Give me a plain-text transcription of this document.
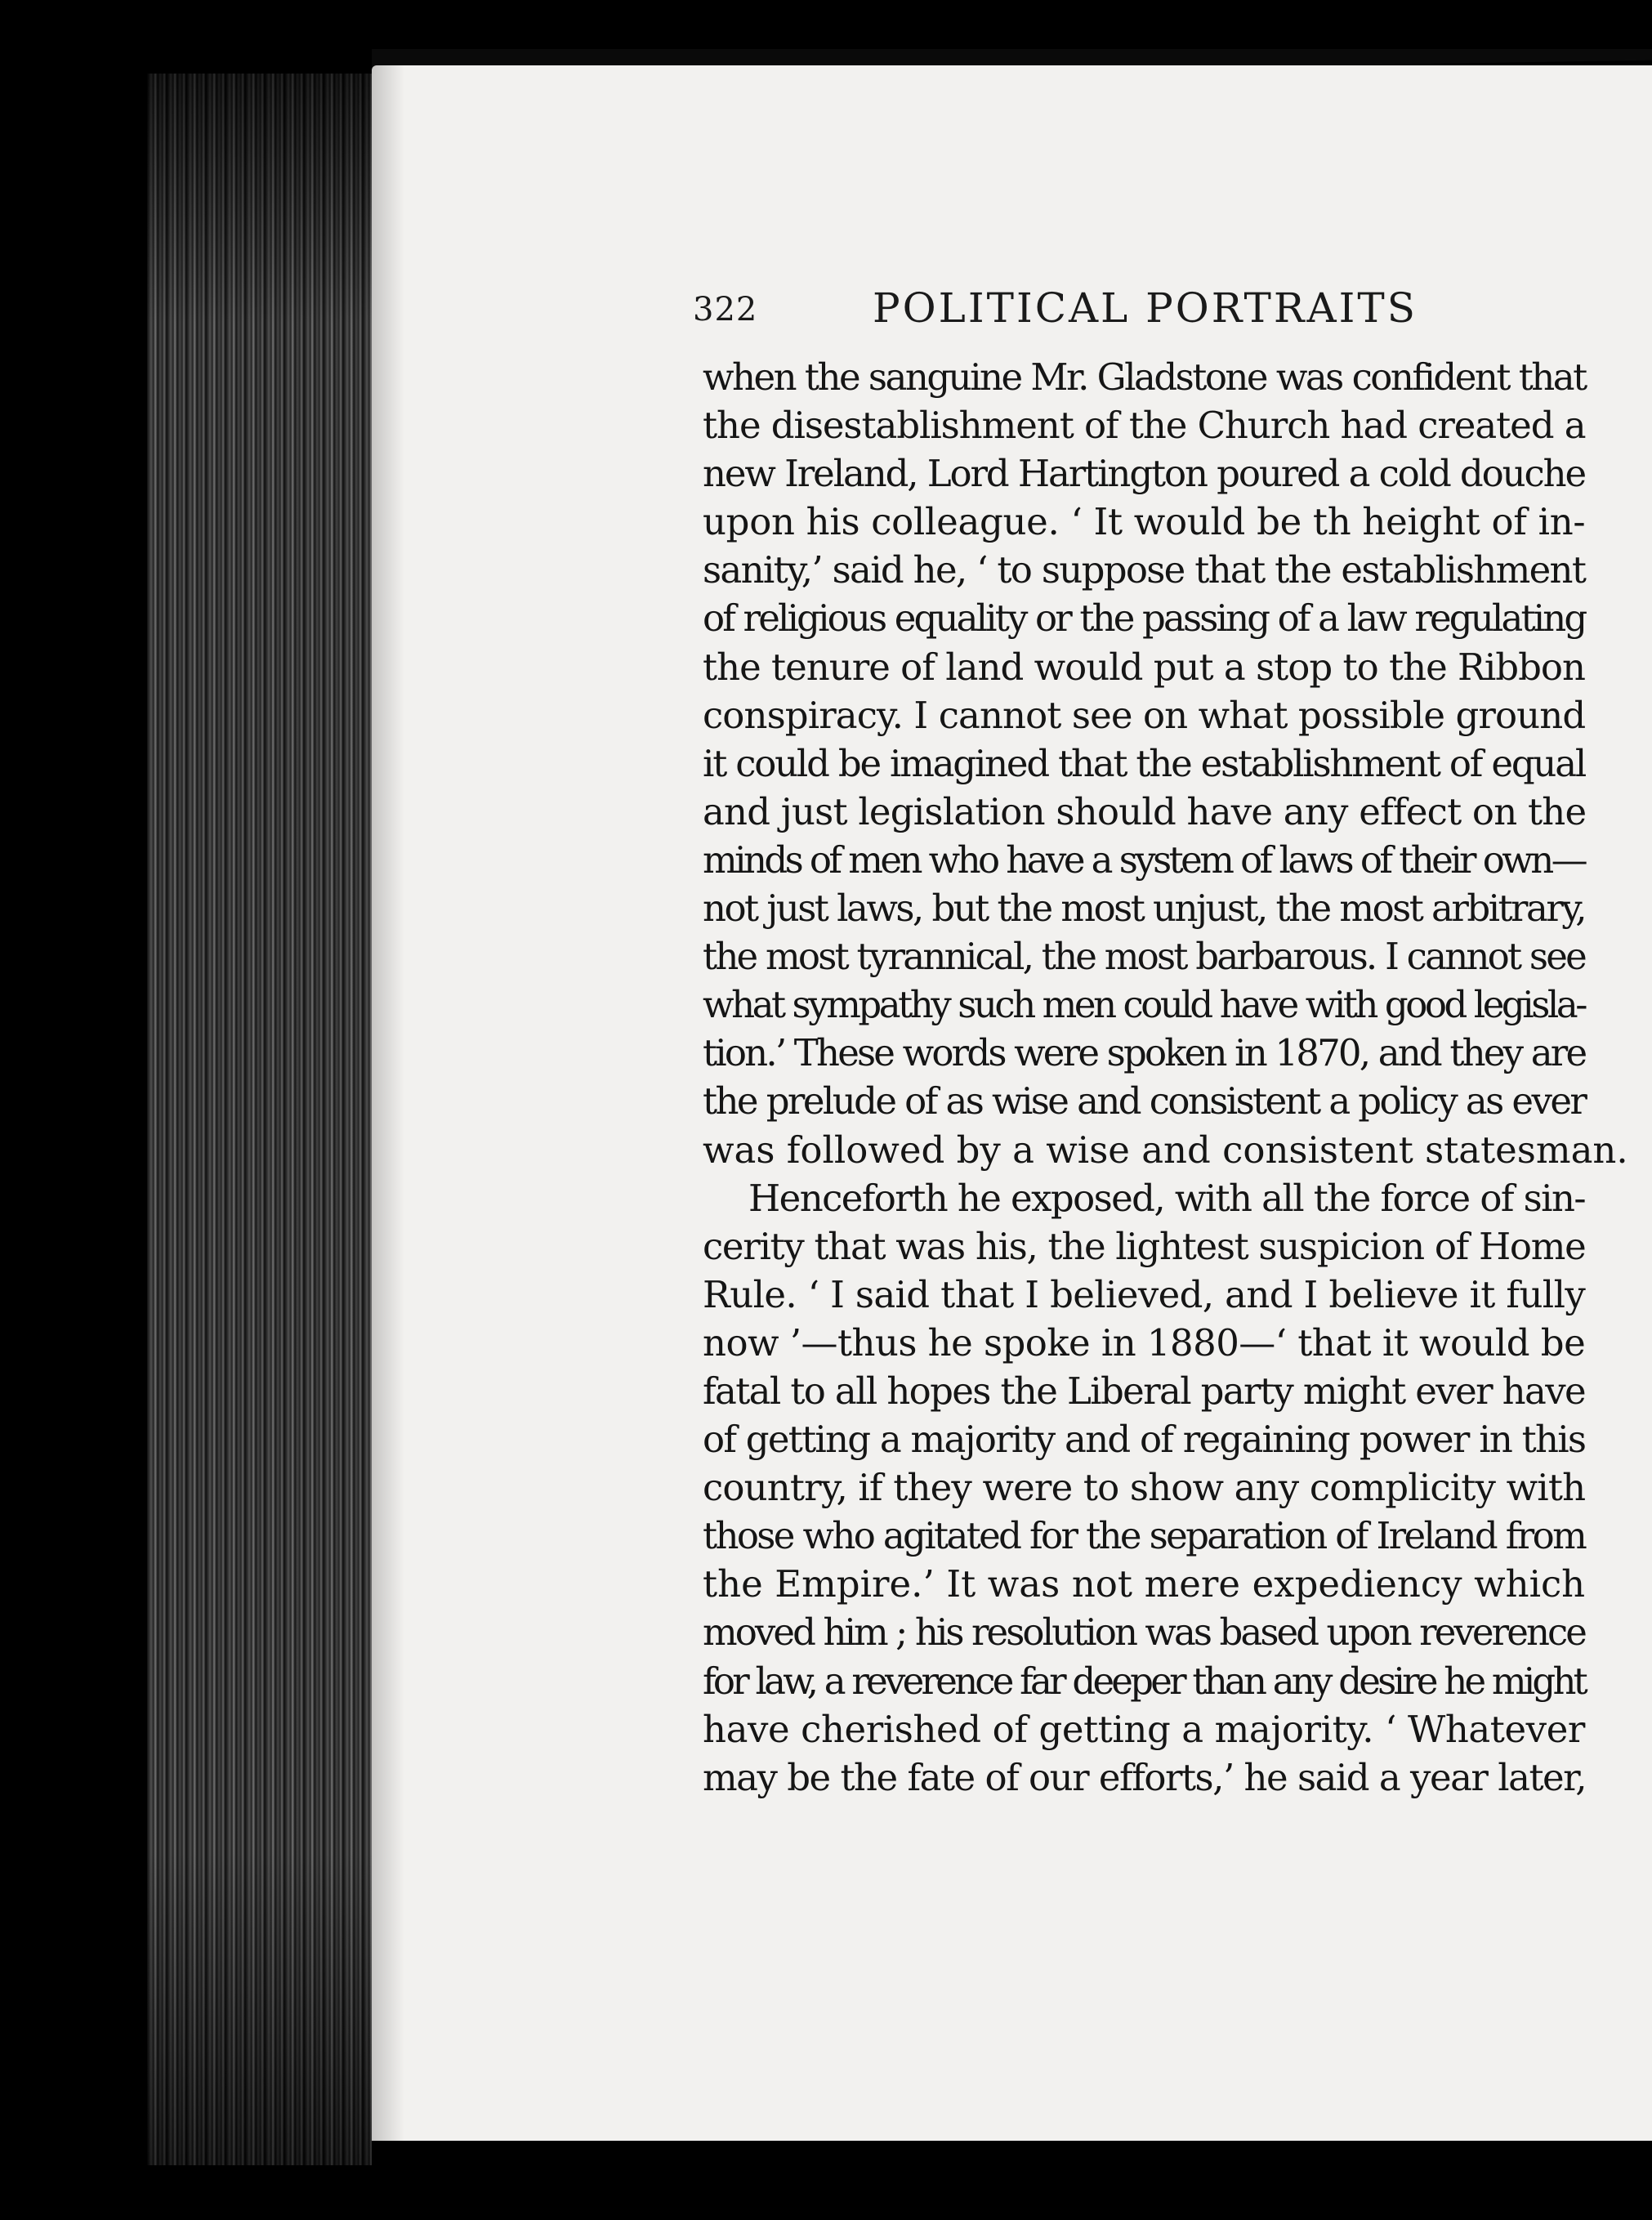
322	POLITICAL PORTRAITS
when the sanguine Mr. Gladstone was confident that
the disestablishment of the Church had created a
new Ireland, Lord Hartington poured a cold douche
upon his colleague. ‘ It would be th height of in-
sanity,’ said he, ‘ to suppose that the establishment
of religious equality or the passing of a law regulating
the tenure of land would put a stop to the Ribbon
conspiracy. I cannot see on what possible ground
it could be imagined that the establishment of equal
and just legislation should have any effect on the
minds of men who have a system of laws of their own—
not just laws, but the most unjust, the most arbitrary,
the most tyrannical, the most barbarous. I cannot see
what sympathy such men could have with good legisla-
tion.’ These words were spoken in 1870, and they are
the prelude of as wise and consistent a policy as ever
was followed by a wise and consistent statesman.
Henceforth he exposed, with all the force of sin-
cerity that was his, the lightest suspicion of Home
Rule. ‘ I said that I believed, and I believe it fully
now ’—thus he spoke in 1880—‘ that it would be
fatal to all hopes the Liberal party might ever have
of getting a majority and of regaining power in this
country, if they were to show any complicity with
those who agitated for the separation of Ireland from
the Empire.’ It was not mere expediency which
moved him ; his resolution was based upon reverence
for law, a reverence far deeper than any desire he might
have cherished of getting a majority. ‘ Whatever
may be the fate of our efforts,’ he said a year later,
